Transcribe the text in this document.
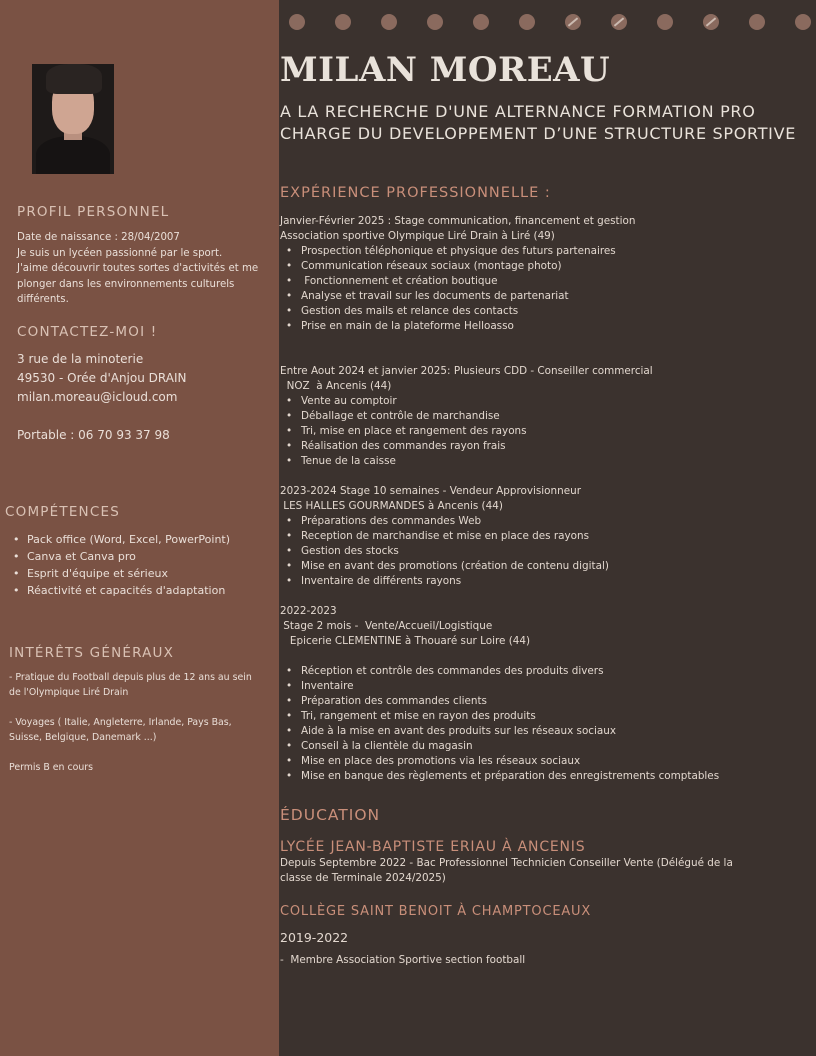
PROFIL PERSONNEL
Date de naissance : 28/04/2007
Je suis un lycéen passionné par le sport.
J'aime découvrir toutes sortes d'activités et me
plonger dans les environnements culturels
différents.
CONTACTEZ-MOI !
3 rue de la minoterie
49530 - Orée d'Anjou DRAIN
milan.moreau@icloud.com
Portable : 06 70 93 37 98
COMPÉTENCES
• Pack office (Word, Excel, PowerPoint)
• Canva et Canva pro
• Esprit d'équipe et sérieux
• Réactivité et capacités d'adaptation
INTÉRÊTS GÉNÉRAUX
- Pratique du Football depuis plus de 12 ans au sein
de l'Olympique Liré Drain
- Voyages ( Italie, Angleterre, Irlande, Pays Bas,
Suisse, Belgique, Danemark ...)
Permis B en cours
MILAN MOREAU
A LA RECHERCHE D'UNE ALTERNANCE FORMATION PRO CHARGE DU DEVELOPPEMENT D’UNE STRUCTURE SPORTIVE
EXPÉRIENCE PROFESSIONNELLE :
Janvier-Février 2025 : Stage communication, financement et gestion
Association sportive Olympique Liré Drain à Liré (49)
• Prospection téléphonique et physique des futurs partenaires
• Communication réseaux sociaux (montage photo)
•  Fonctionnement et création boutique
• Analyse et travail sur les documents de partenariat
• Gestion des mails et relance des contacts
• Prise en main de la plateforme Helloasso
Entre Aout 2024 et janvier 2025: Plusieurs CDD - Conseiller commercial
NOZ  à Ancenis (44)
• Vente au comptoir
• Déballage et contrôle de marchandise
• Tri, mise en place et rangement des rayons
• Réalisation des commandes rayon frais
• Tenue de la caisse
2023-2024 Stage 10 semaines - Vendeur Approvisionneur
LES HALLES GOURMANDES à Ancenis (44)
• Préparations des commandes Web
• Reception de marchandise et mise en place des rayons
• Gestion des stocks
• Mise en avant des promotions (création de contenu digital)
• Inventaire de différents rayons
2022-2023
Stage 2 mois -  Vente/Accueil/Logistique
Epicerie CLEMENTINE à Thouaré sur Loire (44)
• Réception et contrôle des commandes des produits divers
• Inventaire
• Préparation des commandes clients
• Tri, rangement et mise en rayon des produits
• Aide à la mise en avant des produits sur les réseaux sociaux
• Conseil à la clientèle du magasin
• Mise en place des promotions via les réseaux sociaux
• Mise en banque des règlements et préparation des enregistrements comptables
ÉDUCATION
LYCÉE JEAN-BAPTISTE ERIAU À ANCENIS
Depuis Septembre 2022 - Bac Professionnel Technicien Conseiller Vente (Délégué de la classe de Terminale 2024/2025)
COLLÈGE SAINT BENOIT À CHAMPTOCEAUX
2019-2022
-  Membre Association Sportive section football
